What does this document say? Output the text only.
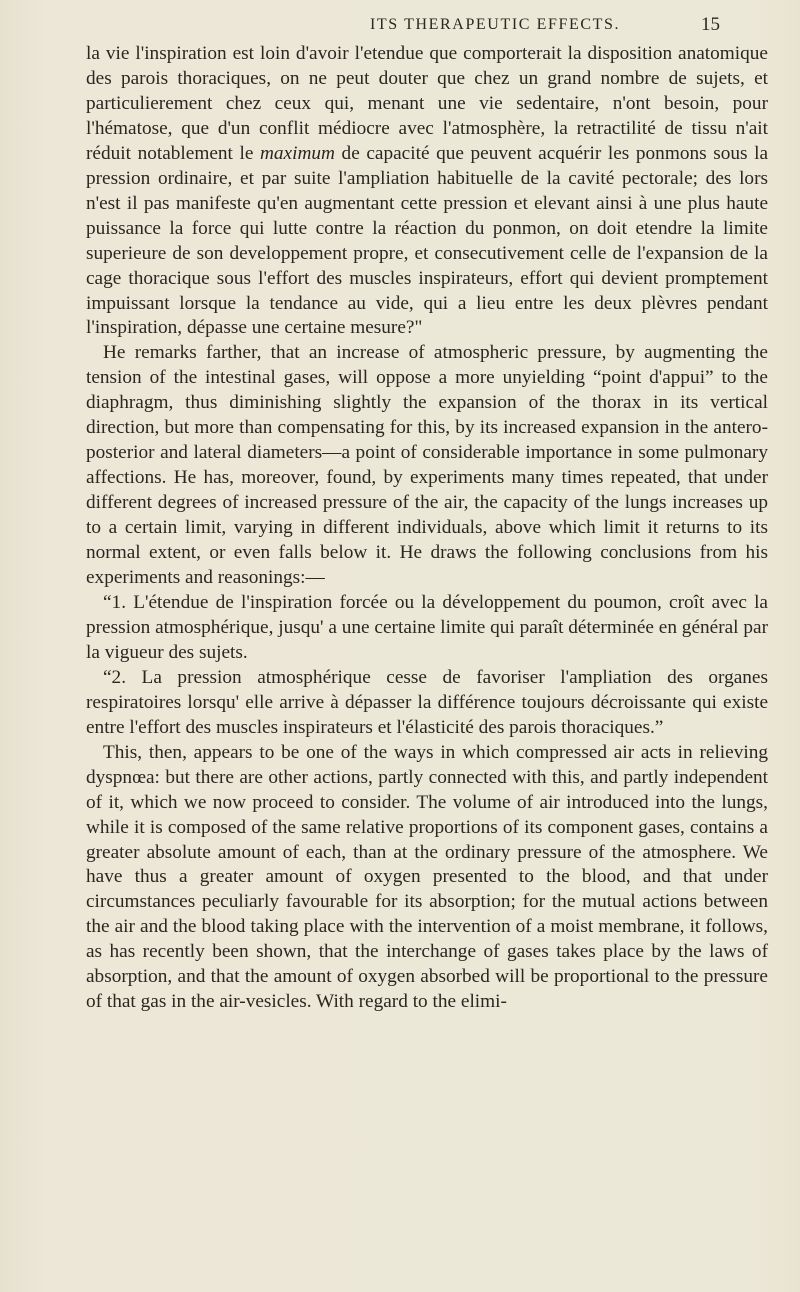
ITS THERAPEUTIC EFFECTS.	15

la vie l'inspiration est loin d'avoir l'etendue que comporterait la disposition anatomique des parois thoraciques, on ne peut douter que chez un grand nombre de sujets, et particulierement chez ceux qui, menant une vie sedentaire, n'ont besoin, pour l'hématose, que d'un conflit médiocre avec l'atmosphère, la retractilité de tissu n'ait réduit notablement le maximum de capacité que peuvent acquérir les ponmons sous la pression ordinaire, et par suite l'ampliation habituelle de la cavité pectorale; des lors n'est il pas manifeste qu'en augmentant cette pression et elevant ainsi à une plus haute puissance la force qui lutte contre la réaction du ponmon, on doit etendre la limite superieure de son developpement propre, et consecutivement celle de l'expansion de la cage thoracique sous l'effort des muscles inspirateurs, effort qui devient promptement impuissant lorsque la tendance au vide, qui a lieu entre les deux plèvres pendant l'inspiration, dépasse une certaine mesure?"

He remarks farther, that an increase of atmospheric pressure, by augmenting the tension of the intestinal gases, will oppose a more unyielding “point d'appui” to the diaphragm, thus diminishing slightly the expansion of the thorax in its vertical direction, but more than compensating for this, by its increased expansion in the antero-posterior and lateral diameters—a point of considerable importance in some pulmonary affections. He has, moreover, found, by experiments many times repeated, that under different degrees of increased pressure of the air, the capacity of the lungs increases up to a certain limit, varying in different individuals, above which limit it returns to its normal extent, or even falls below it. He draws the following conclusions from his experiments and reasonings:—

“1. L'étendue de l'inspiration forcée ou la développement du poumon, croît avec la pression atmosphérique, jusqu' a une certaine limite qui paraît déterminée en général par la vigueur des sujets.

“2. La pression atmosphérique cesse de favoriser l'ampliation des organes respiratoires lorsqu' elle arrive à dépasser la différence toujours décroissante qui existe entre l'effort des muscles inspirateurs et l'élasticité des parois thoraciques.”

This, then, appears to be one of the ways in which compressed air acts in relieving dyspnœa: but there are other actions, partly connected with this, and partly independent of it, which we now proceed to consider. The volume of air introduced into the lungs, while it is composed of the same relative proportions of its component gases, contains a greater absolute amount of each, than at the ordinary pressure of the atmosphere. We have thus a greater amount of oxygen presented to the blood, and that under circumstances peculiarly favourable for its absorption; for the mutual actions between the air and the blood taking place with the intervention of a moist membrane, it follows, as has recently been shown, that the interchange of gases takes place by the laws of absorption, and that the amount of oxygen absorbed will be proportional to the pressure of that gas in the air-vesicles. With regard to the elimi-
